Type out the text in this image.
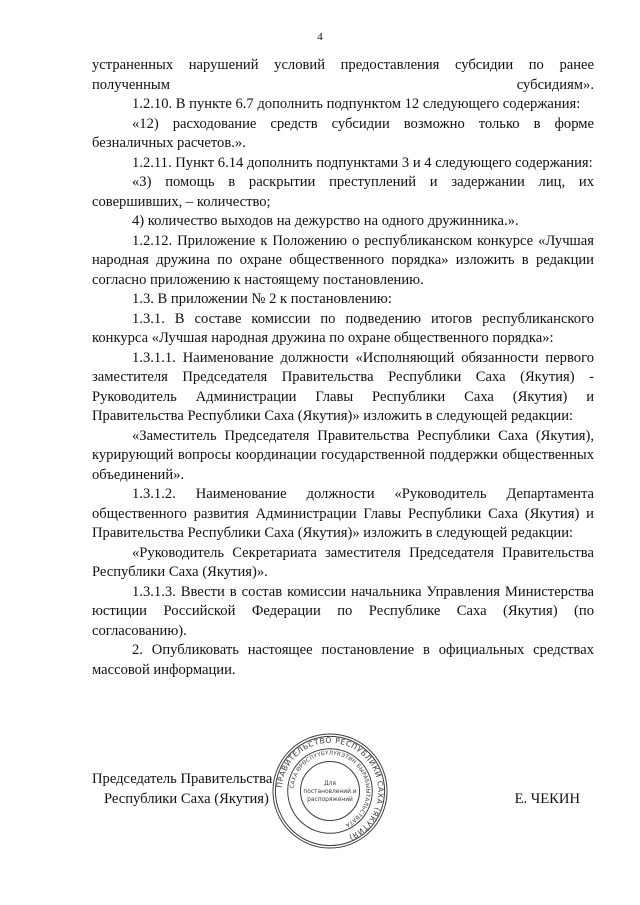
4

устраненных нарушений условий предоставления субсидии по ранее полученным субсидиям».

1.2.10. В пункте 6.7 дополнить подпунктом 12 следующего содержания:

«12) расходование средств субсидии возможно только в форме безналичных расчетов.».

1.2.11. Пункт 6.14 дополнить подпунктами 3 и 4 следующего содержания:

«3) помощь в раскрытии преступлений и задержании лиц, их совершивших, – количество;

4) количество выходов на дежурство на одного дружинника.».

1.2.12. Приложение к Положению о республиканском конкурсе «Лучшая народная дружина по охране общественного порядка» изложить в редакции согласно приложению к настоящему постановлению.

1.3. В приложении № 2 к постановлению:

1.3.1. В составе комиссии по подведению итогов республиканского конкурса «Лучшая народная дружина по охране общественного порядка»:

1.3.1.1. Наименование должности «Исполняющий обязанности первого заместителя Председателя Правительства Республики Саха (Якутия) - Руководитель Администрации Главы Республики Саха (Якутия) и Правительства Республики Саха (Якутия)» изложить в следующей редакции:

«Заместитель Председателя Правительства Республики Саха (Якутия), курирующий вопросы координации государственной поддержки общественных объединений».

1.3.1.2. Наименование должности «Руководитель Департамента общественного развития Администрации Главы Республики Саха (Якутия) и Правительства Республики Саха (Якутия)» изложить в следующей редакции:

«Руководитель Секретариата заместителя Председателя Правительства Республики Саха (Якутия)».

1.3.1.3. Ввести в состав комиссии начальника Управления Министерства юстиции Российской Федерации по Республике Саха (Якутия) (по согласованию).

2. Опубликовать настоящее постановление в официальных средствах массовой информации.

Председатель Правительства
Республики Саха (Якутия)	Е. ЧЕКИН
ПРАВИТЕЛЬСТВО РЕСПУБЛИКИ САХА (ЯКУТИЯ)
САХА ӨРӨСПҮҮБҮЛҮКЭТИН БЫРАБЫЫТАЛЬСТВАТА
Для
постановлений и
распоряжений
